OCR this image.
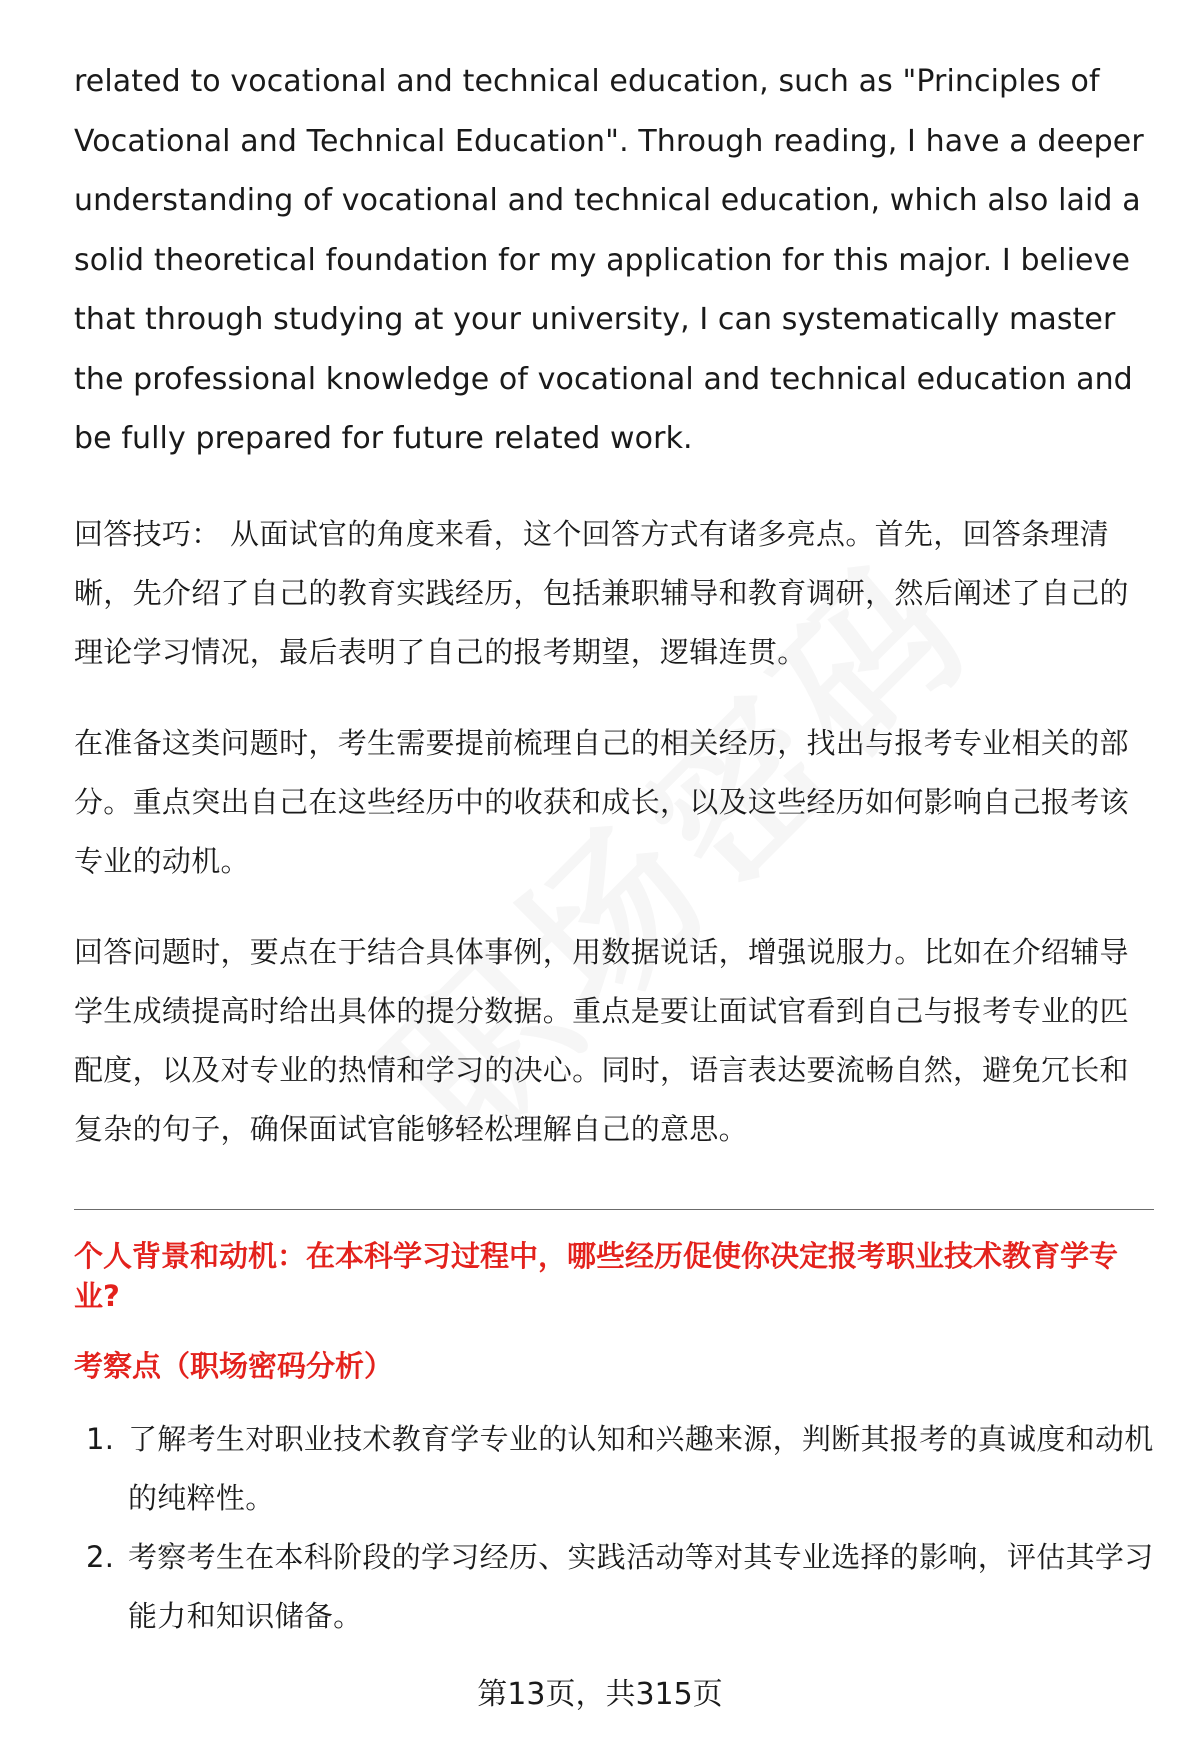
related to vocational and technical education, such as "Principles of Vocational and Technical Education". Through reading, I have a deeper understanding of vocational and technical education, which also laid a solid theoretical foundation for my application for this major. I believe that through studying at your university, I can systematically master the professional knowledge of vocational and technical education and be fully prepared for future related work.

回答技巧： 从面试官的角度来看，这个回答方式有诸多亮点。首先，回答条理清晰，先介绍了自己的教育实践经历，包括兼职辅导和教育调研，然后阐述了自己的理论学习情况，最后表明了自己的报考期望，逻辑连贯。

在准备这类问题时，考生需要提前梳理自己的相关经历，找出与报考专业相关的部分。重点突出自己在这些经历中的收获和成长，以及这些经历如何影响自己报考该专业的动机。

回答问题时，要点在于结合具体事例，用数据说话，增强说服力。比如在介绍辅导学生成绩提高时给出具体的提分数据。重点是要让面试官看到自己与报考专业的匹配度，以及对专业的热情和学习的决心。同时，语言表达要流畅自然，避免冗长和复杂的句子，确保面试官能够轻松理解自己的意思。

个人背景和动机：在本科学习过程中，哪些经历促使你决定报考职业技术教育学专业?
考察点（职场密码分析）
1. 了解考生对职业技术教育学专业的认知和兴趣来源，判断其报考的真诚度和动机的纯粹性。
2. 考察考生在本科阶段的学习经历、实践活动等对其专业选择的影响，评估其学习能力和知识储备。
第13页，共315页
